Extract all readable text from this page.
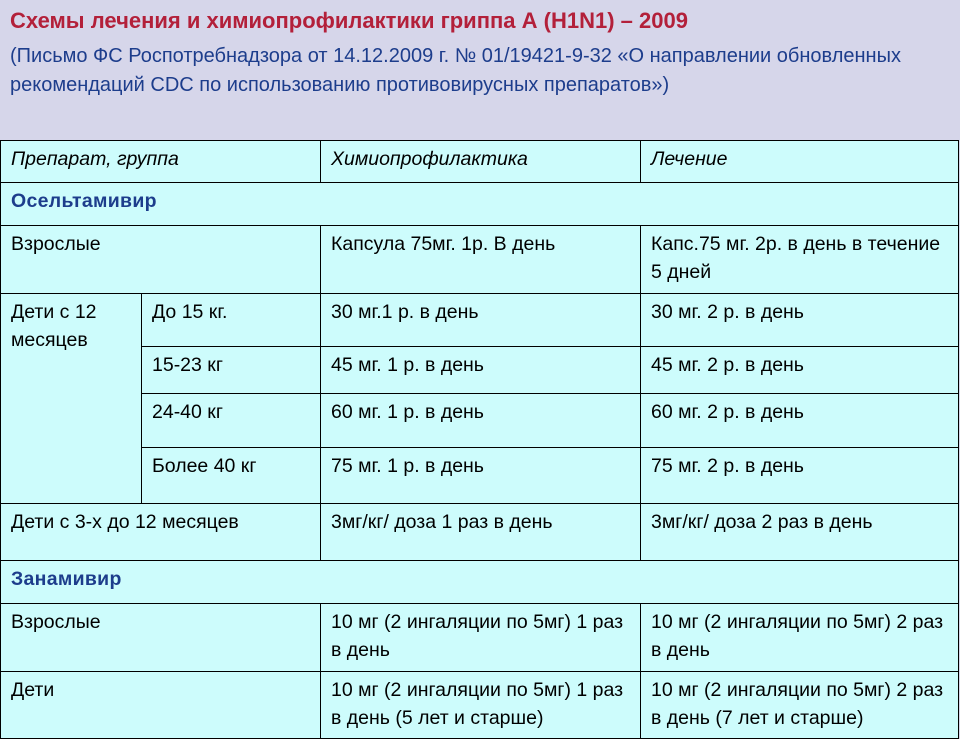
Схемы лечения и химиопрофилактики гриппа А (H1N1) – 2009
(Письмо ФС Роспотребнадзора от 14.12.2009 г. № 01/19421-9-32 «О направлении обновленных рекомендаций CDC по использованию противовирусных препаратов»)
Препарат, группа		Химиопрофилактика	Лечение
Осельтамивир			
Взрослые		Капсула 75мг. 1р. В день	Капс.75 мг. 2р. в день в течение 5 дней
Дети с 12 месяцев	До 15 кг.	30 мг.1 р. в день	30 мг. 2 р. в день
	15-23 кг	45 мг. 1 р. в день	45 мг. 2 р. в день
	24-40 кг	60 мг. 1 р. в день	60 мг. 2 р. в день
	Более 40 кг	75 мг. 1 р. в день	75 мг. 2 р. в день
Дети с 3-х до 12 месяцев		3мг/кг/ доза 1 раз в день	3мг/кг/ доза 2 раз в день
Занамивир			
Взрослые		10 мг (2 ингаляции по 5мг) 1 раз в день	10 мг (2 ингаляции по 5мг) 2 раз в день
Дети		10 мг (2 ингаляции по 5мг) 1 раз в день (5 лет и старше)	10 мг (2 ингаляции по 5мг) 2 раз в день (7 лет и старше)
